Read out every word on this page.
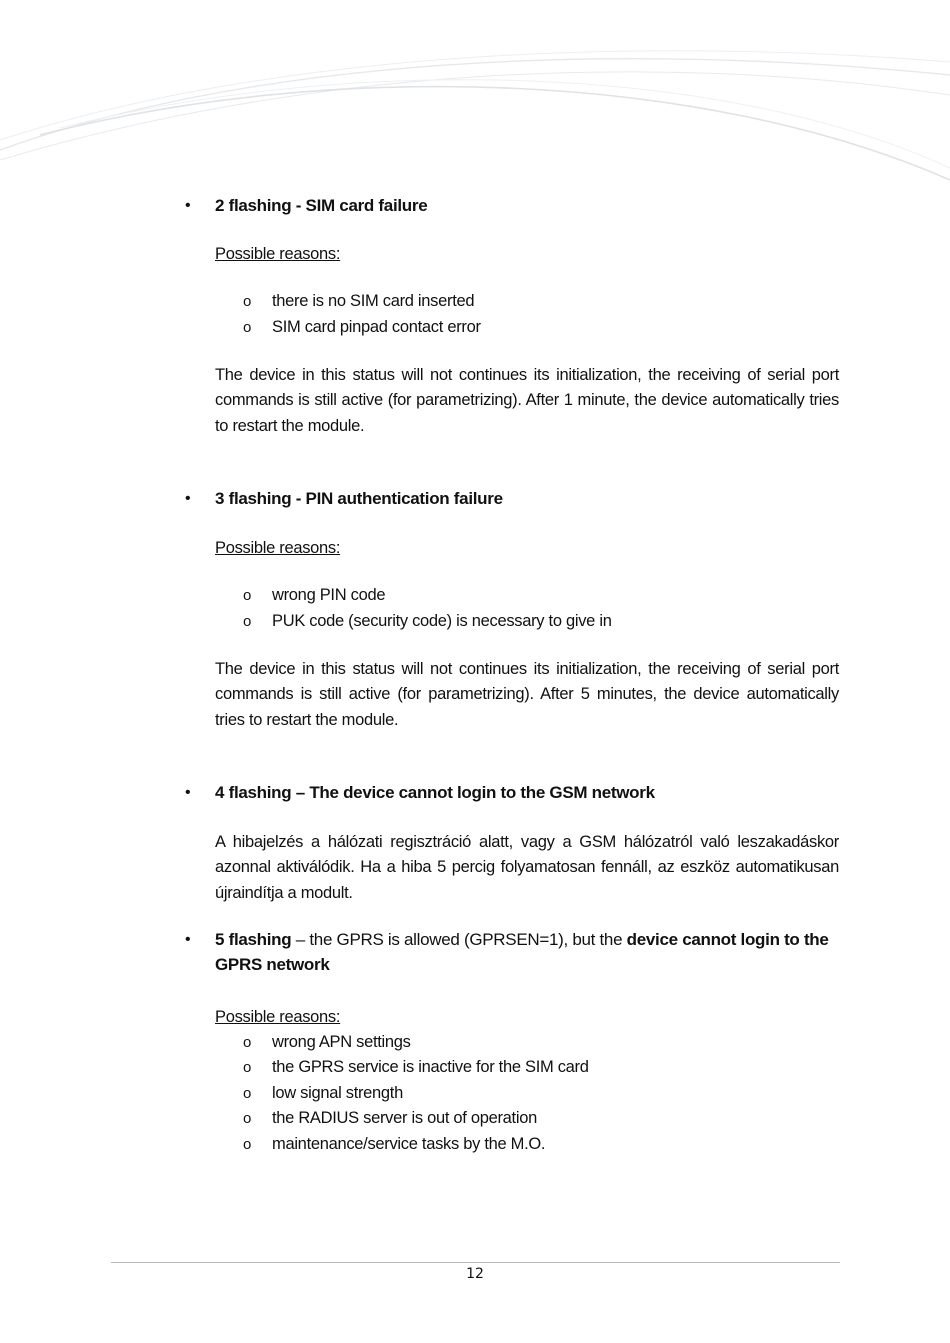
• 2 flashing - SIM card failure
Possible reasons:
o there is no SIM card inserted
o SIM card pinpad contact error

The device in this status will not continues its initialization, the receiving of serial port commands is still active (for parametrizing). After 1 minute, the device automatically tries to restart the module.

• 3 flashing - PIN authentication failure
Possible reasons:
o wrong PIN code
o PUK code (security code) is necessary to give in

The device in this status will not continues its initialization, the receiving of serial port commands is still active (for parametrizing). After 5 minutes, the device automatically tries to restart the module.

• 4 flashing – The device cannot login to the GSM network

A hibajelzés a hálózati regisztráció alatt, vagy a GSM hálózatról való leszakadáskor azonnal aktiválódik. Ha a hiba 5 percig folyamatosan fennáll, az eszköz automatikusan újraindítja a modult.

• 5 flashing – the GPRS is allowed (GPRSEN=1), but the device cannot login to the GPRS network
Possible reasons:
o wrong APN settings
o the GPRS service is inactive for the SIM card
o low signal strength
o the RADIUS server is out of operation
o maintenance/service tasks by the M.O.
12
